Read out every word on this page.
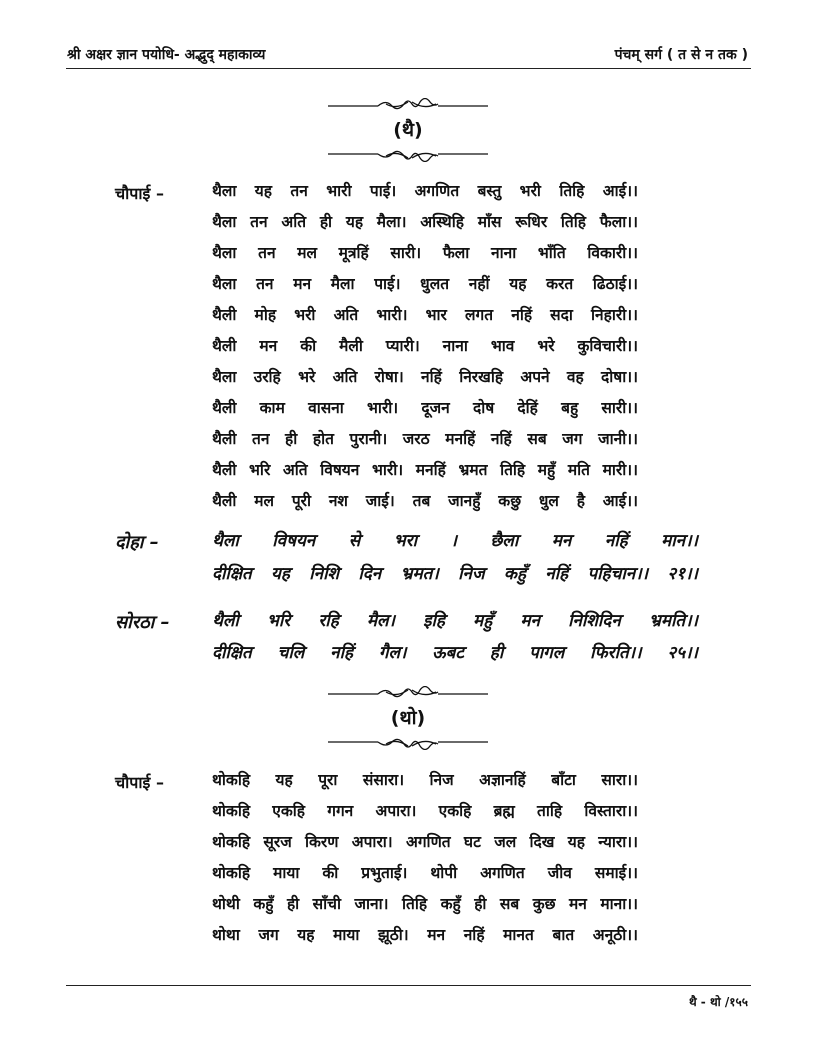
श्री अक्षर ज्ञान पयोधि- अद्भुद् महाकाव्य	पंचम् सर्ग ( त से न तक )
(थै)
चौपाई –	थैला यह तन भारी पाई। अगणित बस्तु भरी तिहि आई।।
थैला तन अति ही यह मैला। अस्थिहि माँस रूधिर तिहि फैला।।
थैला तन मल मूत्रहिं सारी। फैला नाना भाँति विकारी।।
थैला तन मन मैला पाई। धुलत नहीं यह करत ढिठाई।।
थैली मोह भरी अति भारी। भार लगत नहिं सदा निहारी।।
थैली मन की मैली प्यारी। नाना भाव भरे कुविचारी।।
थैला उरहि भरे अति रोषा। नहिं निरखहि अपने वह दोषा।।
थैली काम वासना भारी। दूजन दोष देहिं बहु सारी।।
थैली तन ही होत पुरानी। जरठ मनहिं नहिं सब जग जानी।।
थैली भरि अति विषयन भारी। मनहिं भ्रमत तिहि महुँ मति मारी।।
थैली मल पूरी नश जाई। तब जानहुँ कछु धुल है आई।।
दोहा –	थैला विषयन से भरा । छैला मन नहिं मान।।
दीक्षित यह निशि दिन भ्रमत। निज कहुँ नहिं पहिचान।। २१।।
सोरठा – थैली भरि रहि मैल। इहि महुँ मन निशिदिन भ्रमति।।
दीक्षित चलि नहिं गैल। ऊबट ही पागल फिरति।। २५।।
(थो)
चौपाई –	थोकहि यह पूरा संसारा। निज अज्ञानहिं बाँटा सारा।।
थोकहि एकहि गगन अपारा। एकहि ब्रह्म ताहि विस्तारा।।
थोकहि सूरज किरण अपारा। अगणित घट जल दिख यह न्यारा।।
थोकहि माया की प्रभुताई। थोपी अगणित जीव समाई।।
थोथी कहुँ ही साँची जाना। तिहि कहुँ ही सब कुछ मन माना।।
थोथा जग यह माया झूठी। मन नहिं मानत बात अनूठी।।
थै - थो /१५५
